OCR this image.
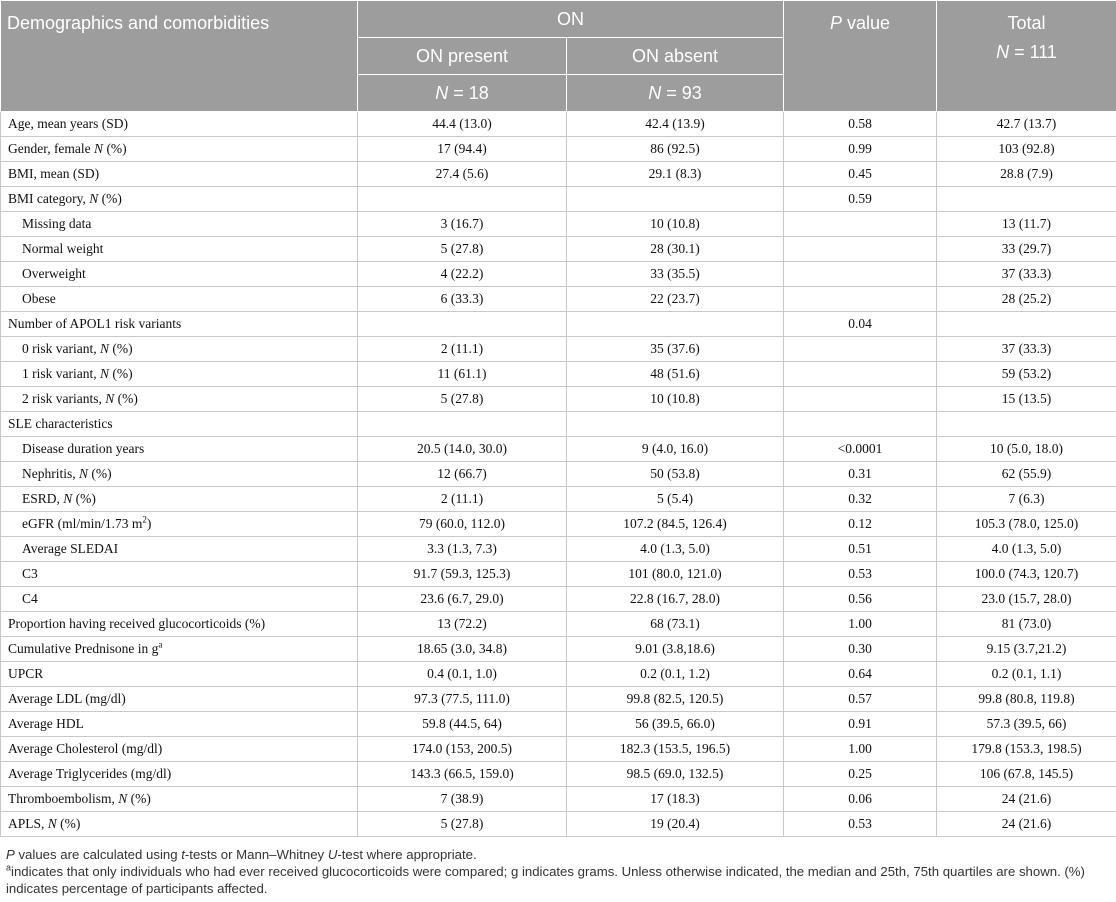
Demographics and comorbidities	ON		P value	Total
	ON present	ON absent		N = 111
	N = 18	N = 93		
Age, mean years (SD)	44.4 (13.0)	42.4 (13.9)	0.58	42.7 (13.7)
Gender, female N (%)	17 (94.4)	86 (92.5)	0.99	103 (92.8)
BMI, mean (SD)	27.4 (5.6)	29.1 (8.3)	0.45	28.8 (7.9)
BMI category, N (%)			0.59	
Missing data	3 (16.7)	10 (10.8)		13 (11.7)
Normal weight	5 (27.8)	28 (30.1)		33 (29.7)
Overweight	4 (22.2)	33 (35.5)		37 (33.3)
Obese	6 (33.3)	22 (23.7)		28 (25.2)
Number of APOL1 risk variants			0.04	
0 risk variant, N (%)	2 (11.1)	35 (37.6)		37 (33.3)
1 risk variant, N (%)	11 (61.1)	48 (51.6)		59 (53.2)
2 risk variants, N (%)	5 (27.8)	10 (10.8)		15 (13.5)
SLE characteristics				
Disease duration years	20.5 (14.0, 30.0)	9 (4.0, 16.0)	<0.0001	10 (5.0, 18.0)
Nephritis, N (%)	12 (66.7)	50 (53.8)	0.31	62 (55.9)
ESRD, N (%)	2 (11.1)	5 (5.4)	0.32	7 (6.3)
eGFR (ml/min/1.73 $m^2$)	79 (60.0, 112.0)	107.2 (84.5, 126.4)	0.12	105.3 (78.0, 125.0)
Average SLEDAI	3.3 (1.3, 7.3)	4.0 (1.3, 5.0)	0.51	4.0 (1.3, 5.0)
C3	91.7 (59.3, 125.3)	101 (80.0, 121.0)	0.53	100.0 (74.3, 120.7)
C4	23.6 (6.7, 29.0)	22.8 (16.7, 28.0)	0.56	23.0 (15.7, 28.0)
Proportion having received glucocorticoids (%)	13 (72.2)	68 (73.1)	1.00	81 (73.0)
Cumulative Prednisone in $g^a$	18.65 (3.0, 34.8)	9.01 (3.8,18.6)	0.30	9.15 (3.7,21.2)
UPCR	0.4 (0.1, 1.0)	0.2 (0.1, 1.2)	0.64	0.2 (0.1, 1.1)
Average LDL (mg/dl)	97.3 (77.5, 111.0)	99.8 (82.5, 120.5)	0.57	99.8 (80.8, 119.8)
Average HDL	59.8 (44.5, 64)	56 (39.5, 66.0)	0.91	57.3 (39.5, 66)
Average Cholesterol (mg/dl)	174.0 (153, 200.5)	182.3 (153.5, 196.5)	1.00	179.8 (153.3, 198.5)
Average Triglycerides (mg/dl)	143.3 (66.5, 159.0)	98.5 (69.0, 132.5)	0.25	106 (67.8, 145.5)
Thromboembolism, N (%)	7 (38.9)	17 (18.3)	0.06	24 (21.6)
APLS, N (%)	5 (27.8)	19 (20.4)	0.53	24 (21.6)

P values are calculated using t-tests or Mann–Whitney U-test where appropriate.

$^a$indicates that only individuals who had ever received glucocorticoids were compared; g indicates grams. Unless otherwise indicated, the median and 25th, 75th quartiles are shown. (%) indicates percentage of participants affected.
